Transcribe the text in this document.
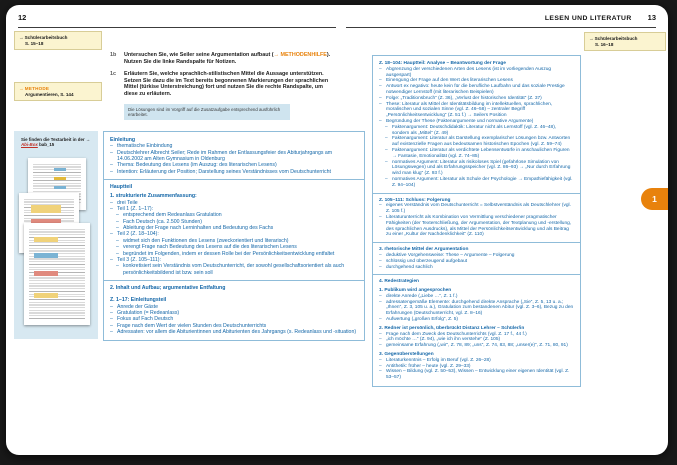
12	LESEN UND LITERATUR 13
→Schülerarbeitsbuch
S. 15–18
→METHODE
Argumentieren, S. 144

Sie finden die Textarbeit in der → Abi-Box bab_15

1b	Untersuchen Sie, wie Seiler seine Argumentation aufbaut (→ METHODENHILFE). Nutzen Sie die linke Randspalte für Notizen.

1c	Erläutern Sie, welche sprachlich-stilistischen Mittel die Aussage unterstützen. Setzen Sie dazu die im Text bereits begonnenen Markierungen der sprachlichen Mittel (türkise Unterstreichung) fort und nutzen Sie die rechte Randspalte, um diese zu erläutern.

Die Lösungen sind im Vorgriff auf die Zusatzaufgabe entsprechend ausführlich erarbeitet.
Einleitung
– thematische Einbindung
– Deutschlehrer Albrecht Seiler; Rede im Rahmen der Entlassungsfeier des Abiturjahrgangs am 14.06.2002 am Alten Gymnasium in Oldenburg
– Thema: Bedeutung des Lesens (im Auszug: des literarischen Lesens)
– Intention: Erläuterung der Position; Darstellung seines Verständnisses vom Deutschunterricht
Hauptteil
1. strukturierte Zusammenfassung:
– drei Teile
– Teil 1 (Z. 1–17):
– entsprechend dem Redeanlass Gratulation
– Fach Deutsch (ca. 2.500 Stunden)
– Ableitung der Frage nach Lerninhalten und Bedeutung des Fachs
– Teil 2 (Z. 18–104):
– widmet sich den Funktionen des Lesens (zweckorientiert und literarisch)
– verengt Frage nach Bedeutung des Lesens auf die des literarischen Lesens
– begründet im Folgenden, indem er dessen Rolle bei der Persönlichkeitsentwicklung entfaltet
– Teil 3 (Z. 105–111):
– konkretisiert sein Verständnis vom Deutschunterricht, der sowohl gesellschaftsorientiert als auch persönlichkeitsbildend ist bzw. sein soll
2. Inhalt und Aufbau; argumentative Entfaltung
Z. 1–17: Einleitungsteil
– Anrede der Gäste
– Gratulation (= Redeanlass)
– Fokus auf Fach Deutsch
– Frage nach dem Wert der vielen Stunden des Deutschunterrichts
– Adressaten: vor allem die Abiturientinnen und Abiturienten des Jahrgangs (s. Redeanlass und -situation)
Z. 18–104: Hauptteil: Analyse – Beantwortung der Frage
– Abgrenzung der verschiedenen Arten des Lesens (ist im vorliegenden Auszug ausgespart)
– Einengung der Frage auf den Wert des literarischen Lesens
– Antwort ex negativo: heute kein für die berufliche Laufbahn und das soziale Prestige notwendiger Lernstoff (mit literarischen Beispielen)
– Folge: „Traditionsbruch“ (Z. 36), „Verlust der historischen Identität“ (Z. 37)
– These: Literatur als Mittel der Identitätsbildung im intellektuellen, sprachlichen, moralischen und sozialen Sinne (vgl. Z. 46–58) – zentraler Begriff „Persönlichkeitsentwicklung“ (Z. 51 f.) → Seilers Position
– Begründung der These (Faktenargumente und normative Argumente)
– Faktenargument: Deutschdidaktik: Literatur nicht als Lernstoff (vgl. Z. 46–48), sondern als „Mittel“ (Z. 49)
– Faktenargument: Literatur als Darstellung exemplarischer Lösungen bzw. Antworten auf existenzielle Fragen aus bedeutsamen historischen Epochen (vgl. Z. 59–74)
– Faktenargument: Literatur als verdichtete Lebensentwürfe in anschaulichen Figuren → Fantasie, Emotionalität (vgl. Z. 74–85)
– normatives Argument: Literatur als risikoloses Spiel (gefahrlose Simulation von Lösungswegen) und als Erfahrungsspeicher (vgl. Z. 86–93) → „Nur durch Erfahrung wird man klug“ (Z. 93 f.)
– normatives Argument: Literatur als Schule der Psychologie → Empathiefähigkeit (vgl. Z. 94–104)
Z. 105–111: Schluss: Folgerung
– eigenes Verständnis vom Deutschunterricht = Selbstverständnis als Deutschlehrer (vgl. Z. 105 f.)
– Literaturunterricht als Kombination von Vermittlung verschiedener pragmatischer Fähigkeiten (der Texterschließung, der Argumentation, der Textplanung und -erstellung, des sprachlichen Ausdrucks), als Mittel der Persönlichkeitsentwicklung und als Beitrag zu einer „Kultur der Nachdenklichkeit“ (Z. 110)
3. rhetorische Mittel der Argumentation
– deduktive Vorgehensweise: These – Argumente – Folgerung
– schlüssig und überzeugend aufgebaut
– durchgehend sachlich
4. Redestrategien
1. Publikum wird angesprochen
– direkte Anrede („Liebe …“, Z. 1 f.)
– adressatengemäße Elemente: durchgehend direkte Ansprache („Sie“, Z. 5, 13 u. a.; „Ihnen“, Z. 3, 105 u. a.), Gratulation zum bestandenen Abitur (vgl. Z. 3–6), Bezug zu den Erfahrungen (Deutschunterricht, vgl. Z. 8–16)
– Aufwertung („großen Erfolg“, Z. 5)
2. Redner ist persönlich, überbrückt Distanz Lehrer – Schüler/in
– Frage nach dem Zweck des Deutschunterrichts (vgl. Z. 17 f., 44 f.)
– „ich möchte …“ (Z. 94), „wie ich ihn verstehe“ (Z. 105)
– gemeinsame Erfahrung („wir“, Z. 78, 89; „uns“, Z. 74, 83, 88; „unser(e)“, Z. 71, 80, 91)
3. Gegenüberstellungen
– Literaturkenntnis – Erfolg im Beruf (vgl. Z. 26–28)
– Antithetik: früher – heute (vgl. Z. 29–33)
– Wissen – Bildung (vgl. Z. 50–53), Wissen – Entwicklung einer eigenen Identität (vgl. Z. 53–57)
→Schülerarbeitsbuch
S. 16–18
1
